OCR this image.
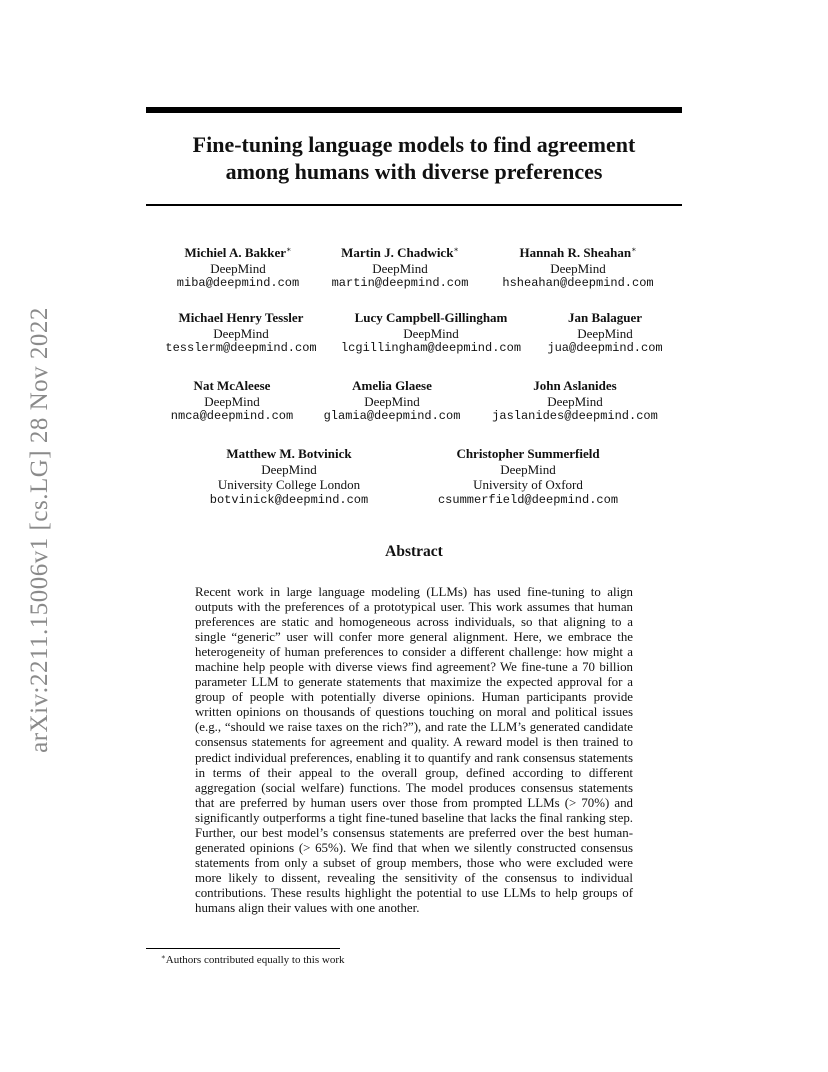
arXiv:2211.15006v1 [cs.LG] 28 Nov 2022
Fine-tuning language models to find agreement
among humans with diverse preferences
Michiel A. Bakker∗
DeepMind
miba@deepmind.com
Martin J. Chadwick∗
DeepMind
martin@deepmind.com
Hannah R. Sheahan∗
DeepMind
hsheahan@deepmind.com
Michael Henry Tessler
DeepMind
tesslerm@deepmind.com
Lucy Campbell-Gillingham
DeepMind
lcgillingham@deepmind.com
Jan Balaguer
DeepMind
jua@deepmind.com
Nat McAleese
DeepMind
nmca@deepmind.com
Amelia Glaese
DeepMind
glamia@deepmind.com
John Aslanides
DeepMind
jaslanides@deepmind.com
Matthew M. Botvinick
DeepMind
University College London
botvinick@deepmind.com
Christopher Summerfield
DeepMind
University of Oxford
csummerfield@deepmind.com
Abstract

Recent work in large language modeling (LLMs) has used fine-tuning to align outputs with the preferences of a prototypical user. This work assumes that human preferences are static and homogeneous across individuals, so that aligning to a single “generic” user will confer more general alignment. Here, we embrace the heterogeneity of human preferences to consider a different challenge: how might a machine help people with diverse views find agreement? We fine-tune a 70 billion parameter LLM to generate statements that maximize the expected approval for a group of people with potentially diverse opinions. Human participants provide written opinions on thousands of questions touching on moral and political issues (e.g., “should we raise taxes on the rich?”), and rate the LLM’s generated candidate consensus statements for agreement and quality. A reward model is then trained to predict individual preferences, enabling it to quantify and rank consensus statements in terms of their appeal to the overall group, defined according to different aggregation (social welfare) functions. The model produces consensus statements that are preferred by human users over those from prompted LLMs (> 70%) and significantly outperforms a tight fine-tuned baseline that lacks the final ranking step. Further, our best model’s consensus statements are preferred over the best human-generated opinions (> 65%). We find that when we silently constructed consensus statements from only a subset of group members, those who were excluded were more likely to dissent, revealing the sensitivity of the consensus to individual contributions. These results highlight the potential to use LLMs to help groups of humans align their values with one another.

∗Authors contributed equally to this work
